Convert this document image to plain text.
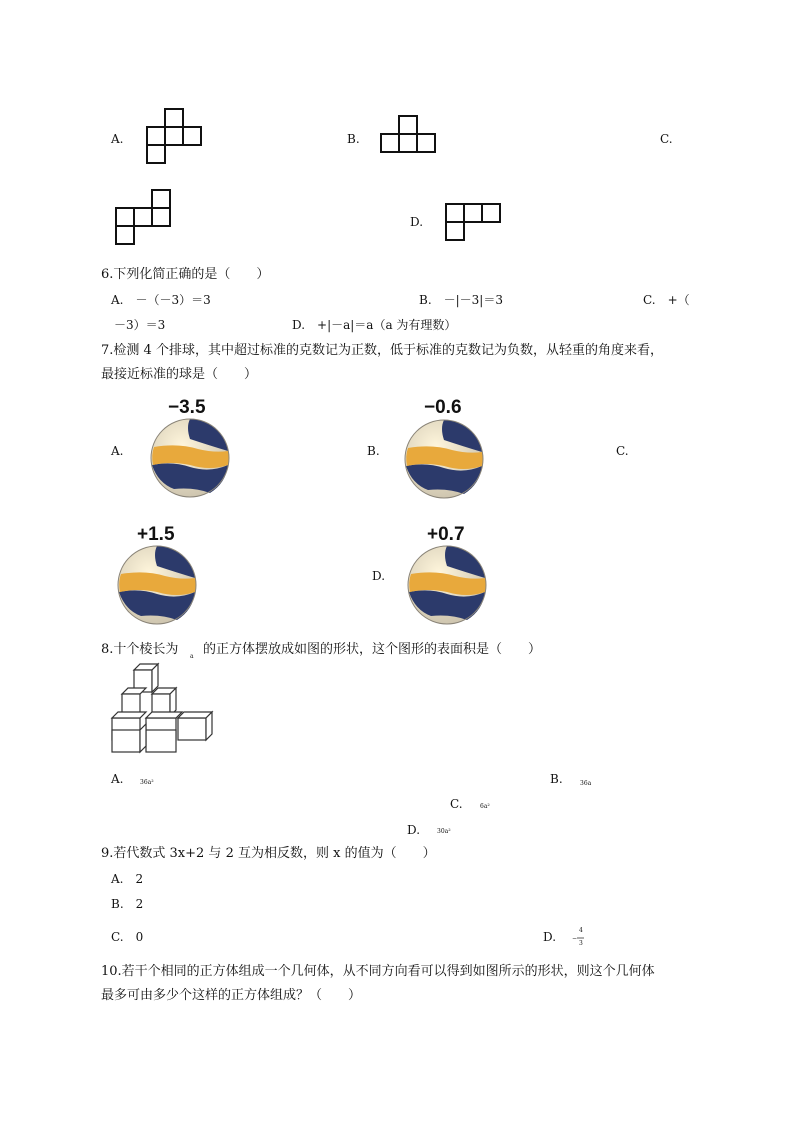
A.	B.	C.
D.
6.下列化简正确的是（　　）
A.　－（－3）＝3	B.　－|－3|＝3	C.　+（
－3）＝3	D.　+|－a|＝a（a 为有理数）
7.检测 4 个排球，其中超过标准的克数记为正数，低于标准的克数记为负数，从轻重的角度来看，
最接近标准的球是（　　）
A.
−3.5
B.
−0.6
C.
+1.5
D.
+0.7
8.十个棱长为 a 的正方体摆放成如图的形状，这个图形的表面积是（　　）
A.	36a²	B.	36a
C.	6a²
D.	30a²
9.若代数式 3x+2 与 2 互为相反数，则 x 的值为（　　）
A.　2
B.　2
C.　0	D.	−
4
3
10.若干个相同的正方体组成一个几何体，从不同方向看可以得到如图所示的形状，则这个几何体
最多可由多少个这样的正方体组成？（　　）
